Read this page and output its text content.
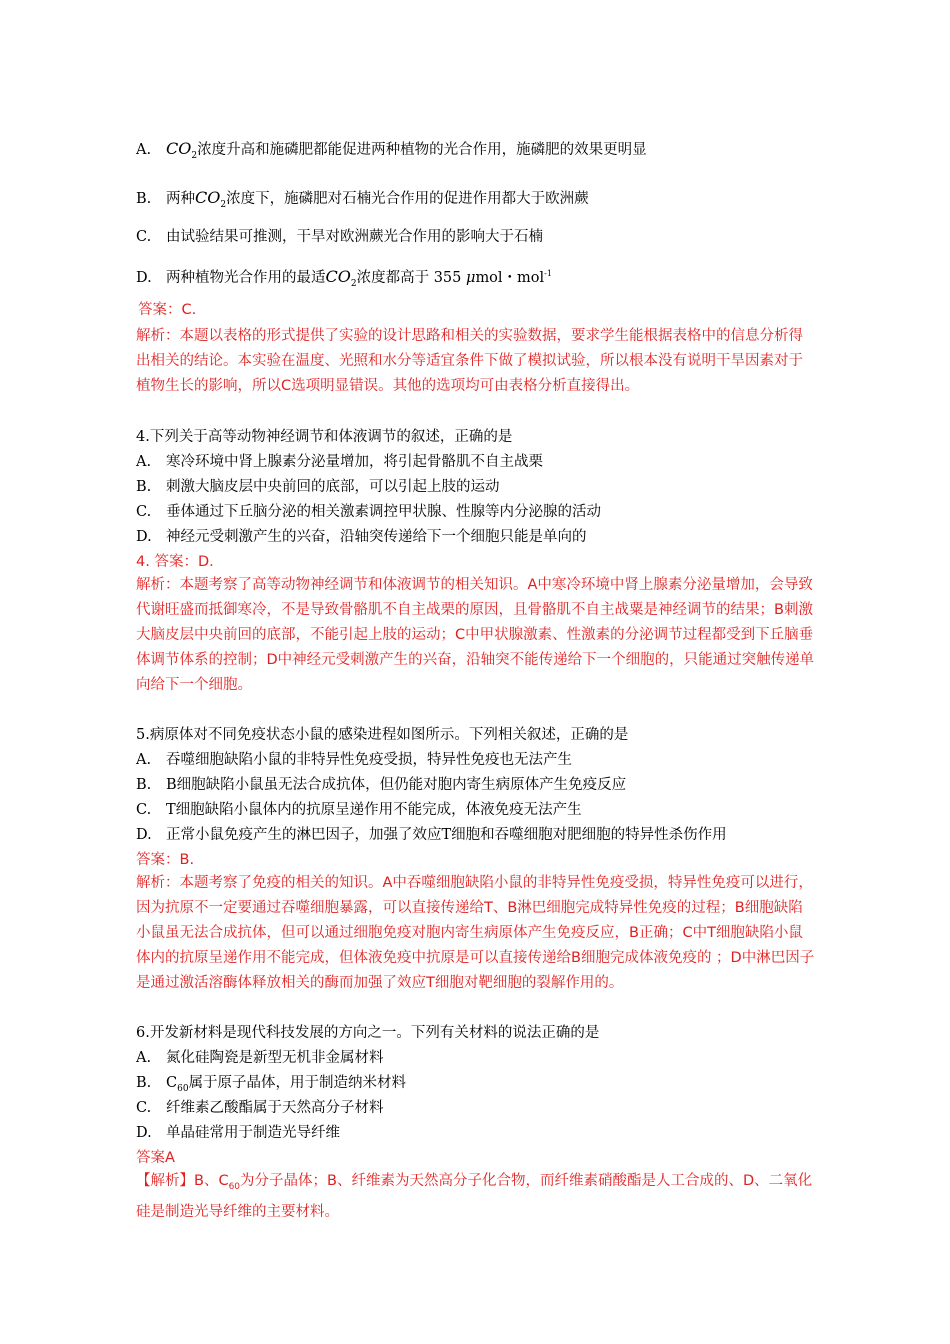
A. $CO_2$浓度升高和施磷肥都能促进两种植物的光合作用，施磷肥的效果更明显
B. 两种$CO_2$浓度下，施磷肥对石楠光合作用的促进作用都大于欧洲蕨
C. 由试验结果可推测，干旱对欧洲蕨光合作用的影响大于石楠
D. 两种植物光合作用的最适$CO_2$浓度都高于 355 μmol・mol$^{-1}$
答案：C.
解析：本题以表格的形式提供了实验的设计思路和相关的实验数据，要求学生能根据表格中的信息分析得出相关的结论。本实验在温度、光照和水分等适宜条件下做了模拟试验，所以根本没有说明干旱因素对于植物生长的影响，所以C选项明显错误。其他的选项均可由表格分析直接得出。
4.下列关于高等动物神经调节和体液调节的叙述，正确的是
A. 寒冷环境中肾上腺素分泌量增加，将引起骨骼肌不自主战栗
B. 刺激大脑皮层中央前回的底部，可以引起上肢的运动
C. 垂体通过下丘脑分泌的相关激素调控甲状腺、性腺等内分泌腺的活动
D. 神经元受刺激产生的兴奋，沿轴突传递给下一个细胞只能是单向的
4. 答案：D.
解析：本题考察了高等动物神经调节和体液调节的相关知识。A中寒冷环境中肾上腺素分泌量增加，会导致代谢旺盛而抵御寒冷，不是导致骨骼肌不自主战栗的原因，且骨骼肌不自主战粟是神经调节的结果；B刺激大脑皮层中央前回的底部，不能引起上肢的运动；C中甲状腺激素、性激素的分泌调节过程都受到下丘脑垂体调节体系的控制；D中神经元受刺激产生的兴奋，沿轴突不能传递给下一个细胞的，只能通过突触传递单向给下一个细胞。
5.病原体对不同免疫状态小鼠的感染进程如图所示。下列相关叙述，正确的是
A. 吞噬细胞缺陷小鼠的非特异性免疫受损，特异性免疫也无法产生
B. B细胞缺陷小鼠虽无法合成抗体，但仍能对胞内寄生病原体产生免疫反应
C. T细胞缺陷小鼠体内的抗原呈递作用不能完成，体液免疫无法产生
D. 正常小鼠免疫产生的淋巴因子，加强了效应T细胞和吞噬细胞对肥细胞的特异性杀伤作用
答案：B.
解析：本题考察了免疫的相关的知识。A中吞噬细胞缺陷小鼠的非特异性免疫受损，特异性免疫可以进行，因为抗原不一定要通过吞噬细胞暴露，可以直接传递给T、B淋巴细胞完成特异性免疫的过程；B细胞缺陷小鼠虽无法合成抗体，但可以通过细胞免疫对胞内寄生病原体产生免疫反应，B正确；C中T细胞缺陷小鼠体内的抗原呈递作用不能完成，但体液免疫中抗原是可以直接传递给B细胞完成体液免疫的 ；D中淋巴因子是通过激活溶酶体释放相关的酶而加强了效应T细胞对靶细胞的裂解作用的。
6.开发新材料是现代科技发展的方向之一。下列有关材料的说法正确的是
A. 氮化硅陶瓷是新型无机非金属材料
B. $C_{60}$属于原子晶体，用于制造纳米材料
C. 纤维素乙酸酯属于天然高分子材料
D. 单晶硅常用于制造光导纤维
答案A
【解析】B、$C_{60}$为分子晶体；B、纤维素为天然高分子化合物，而纤维素硝酸酯是人工合成的、D、二氧化硅是制造光导纤维的主要材料。
